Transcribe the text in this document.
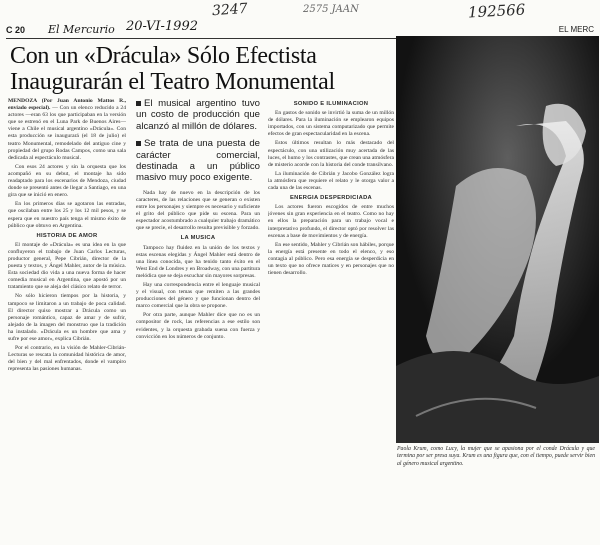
3247	2575 JAAN	192566
C 20 El Mercurio 20-VI-1992	EL MERC
Con un «Drácula» Sólo Efectista
Inaugurarán el Teatro Monumental

MENDOZA (Por Juan Antonio Mattos R., enviado especial). — Con un elenco reducido a 24 actores —eran 63 los que participaban en la versión que se estrenó en el Luna Park de Buenos Aires— viene a Chile el musical argentino «Drácula». Con esta producción se inaugurará (el 18 de julio) el teatro Monumental, remodelado del antiguo cine y propiedad del grupo Rodas Campos, como una sala dedicada al espectáculo musical.

Con esos 24 actores y sin la orquesta que los acompañó en su debut, el montaje ha sido readaptado para los escenarios de Mendoza, ciudad donde se presentó antes de llegar a Santiago, en una gira que se inició en enero.

En los primeros días se agotaron las entradas, que oscilaban entre los 25 y los 12 mil pesos, y se espera que en nuestro país tenga el mismo éxito de público que obtuvo en Argentina.

HISTORIA DE AMOR

El montaje de «Drácula» es una idea en la que confluyeron el trabajo de Juan Carlos Lecturas, productor general, Pepe Cibrián, director de la puesta y textos, y Ángel Mahler, autor de la música. Esta sociedad dio vida a una nueva forma de hacer comedia musical en Argentina, que apostó por un tratamiento que se aleja del clásico relato de terror.

No sólo hicieron tiempos por la historia, y tampoco se limitaron a un trabajo de poca calidad. El director quiso mostrar a Drácula como un personaje romántico, capaz de amar y de sufrir, alejado de la imagen del monstruo que la tradición ha instalado. «Drácula es un hombre que ama y sufre por ese amor», explica Cibrián.

Por el contrario, en la visión de Mahler-Cibrián-Lecturas se rescata la comunidad histórica de amor, del bien y del mal enfrentados, donde el vampiro representa las pasiones humanas.

El musical argentino tuvo un costo de producción que alcanzó al millón de dólares.
Se trata de una puesta de carácter comercial, destinada a un público masivo muy poco exigente.

Nada hay de nuevo en la descripción de los caracteres, de las relaciones que se generan o existen entre los personajes y siempre es necesario y suficiente el grito del público que pide su escena. Para un espectador acostumbrado a cualquier trabajo dramático que se precie, el desarrollo resulta previsible y forzado.

LA MUSICA

Tampoco hay fluidez en la unión de los textos y estas escenas elegidas y Ángel Mahler está dentro de una línea conocida, que ha tenido tanto éxito en el West End de Londres y en Broadway, con una partitura melódica que se deja escuchar sin mayores sorpresas.

Hay una correspondencia entre el lenguaje musical y el visual, con temas que remiten a las grandes producciones del género y que funcionan dentro del marco comercial que la obra se propone.

Por otra parte, aunque Mahler dice que no es un compositor de rock, las referencias a ese estilo son evidentes, y la orquesta grabada suena con fuerza y convicción en los números de conjunto.

SONIDO E ILUMINACION

En gastos de sonido se invirtió la suma de un millón de dólares. Para la iluminación se emplearon equipos importados, con un sistema computarizado que permite efectos de gran espectacularidad en la escena.

Estos últimos resultan lo más destacado del espectáculo, con una utilización muy acertada de las luces, el humo y los contrastes, que crean una atmósfera de misterio acorde con la historia del conde transilvano.

La iluminación de Cibrián y Jacobo González logra la atmósfera que requiere el relato y le otorga valor a cada una de las escenas.

ENERGIA DESPERDICIADA

Los actores fueron escogidos de entre muchos jóvenes sin gran experiencia en el teatro. Como no hay en ellos la preparación para un trabajo vocal e interpretativo profundo, el director optó por resolver las escenas a base de movimientos y de energía.

En ese sentido, Mahler y Cibrián son hábiles, porque la energía está presente en todo el elenco, y eso contagia al público. Pero esa energía se desperdicia en un texto que no ofrece matices y en personajes que no tienen desarrollo.

Paola Krum, como Lucy, la mujer que se apasiona por el conde Drácula y que termina por ser presa suya. Krum es una figura que, con el tiempo, puede servir bien al género musical argentino.
